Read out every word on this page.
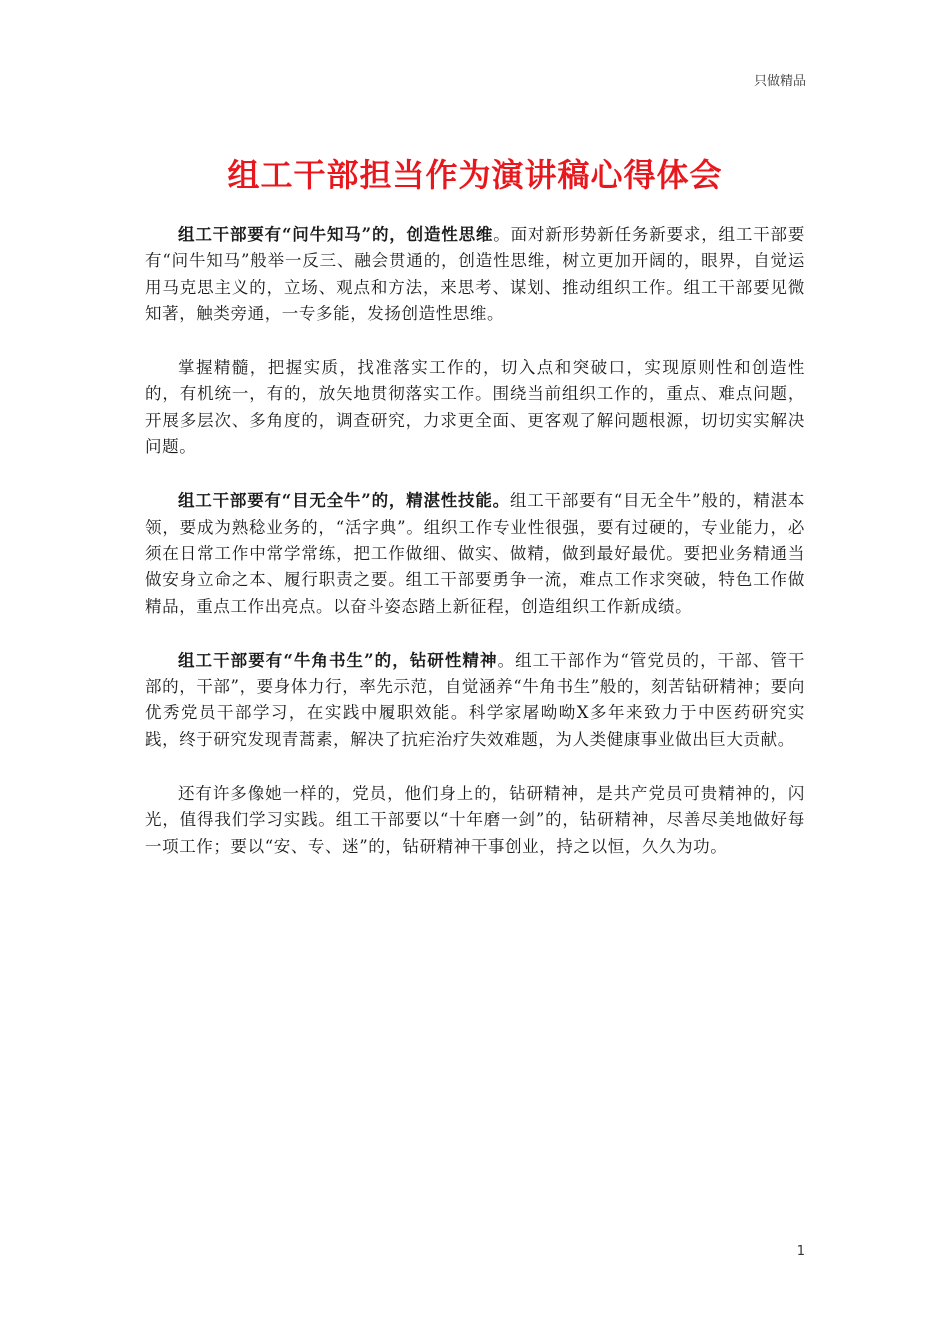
只做精品
组工干部担当作为演讲稿心得体会

组工干部要有“问牛知马”的，创造性思维。面对新形势新任务新要求，组工干部要有“问牛知马”般举一反三、融会贯通的，创造性思维，树立更加开阔的，眼界，自觉运用马克思主义的，立场、观点和方法，来思考、谋划、推动组织工作。组工干部要见微知著，触类旁通，一专多能，发扬创造性思维。

掌握精髓，把握实质，找准落实工作的，切入点和突破口，实现原则性和创造性的，有机统一，有的，放矢地贯彻落实工作。围绕当前组织工作的，重点、难点问题，开展多层次、多角度的，调查研究，力求更全面、更客观了解问题根源，切切实实解决问题。

组工干部要有“目无全牛”的，精湛性技能。组工干部要有“目无全牛”般的，精湛本领，要成为熟稔业务的，“活字典”。组织工作专业性很强，要有过硬的，专业能力，必须在日常工作中常学常练，把工作做细、做实、做精，做到最好最优。要把业务精通当做安身立命之本、履行职责之要。组工干部要勇争一流，难点工作求突破，特色工作做精品，重点工作出亮点。以奋斗姿态踏上新征程，创造组织工作新成绩。

组工干部要有“牛角书生”的，钻研性精神。组工干部作为“管党员的，干部、管干部的，干部”，要身体力行，率先示范，自觉涵养“牛角书生”般的，刻苦钻研精神；要向优秀党员干部学习，在实践中履职效能。科学家屠呦呦X多年来致力于中医药研究实践，终于研究发现青蒿素，解决了抗疟治疗失效难题，为人类健康事业做出巨大贡献。

还有许多像她一样的，党员，他们身上的，钻研精神，是共产党员可贵精神的，闪光，值得我们学习实践。组工干部要以“十年磨一剑”的，钻研精神，尽善尽美地做好每一项工作；要以“安、专、迷”的，钻研精神干事创业，持之以恒，久久为功。

1
